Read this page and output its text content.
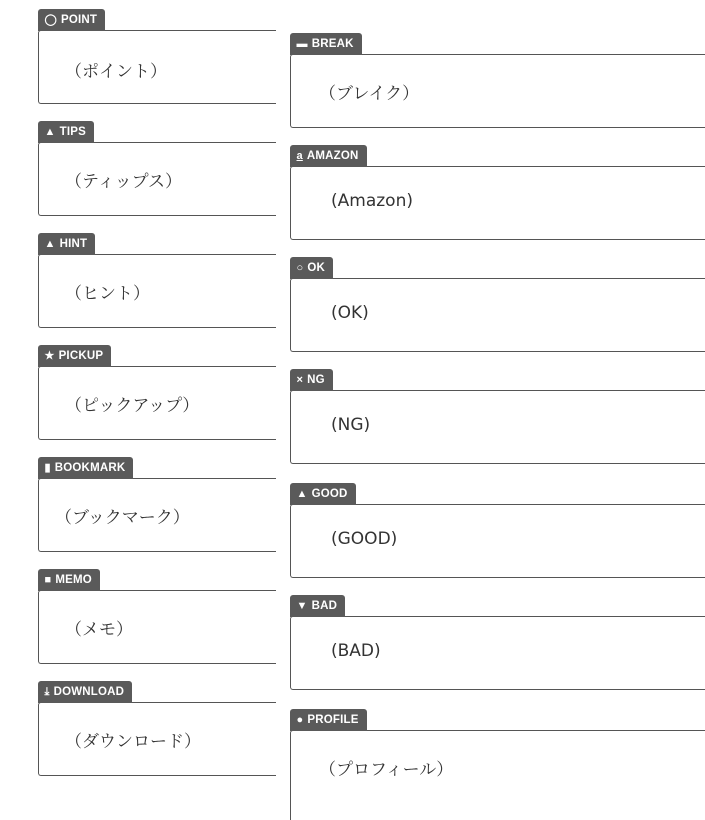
◯ POINT
（ポイント）
▲ TIPS
（ティップス）
▲ HINT
（ヒント）
★ PICKUP
（ピックアップ）
▮ BOOKMARK
（ブックマーク）
■ MEMO
（メモ）
⤓ DOWNLOAD
（ダウンロード）
▬ BREAK
（ブレイク）
a AMAZON
(Amazon)
○ OK
(OK)
× NG
(NG)
▲ GOOD
(GOOD)
▼ BAD
(BAD)
● PROFILE
（プロフィール）
